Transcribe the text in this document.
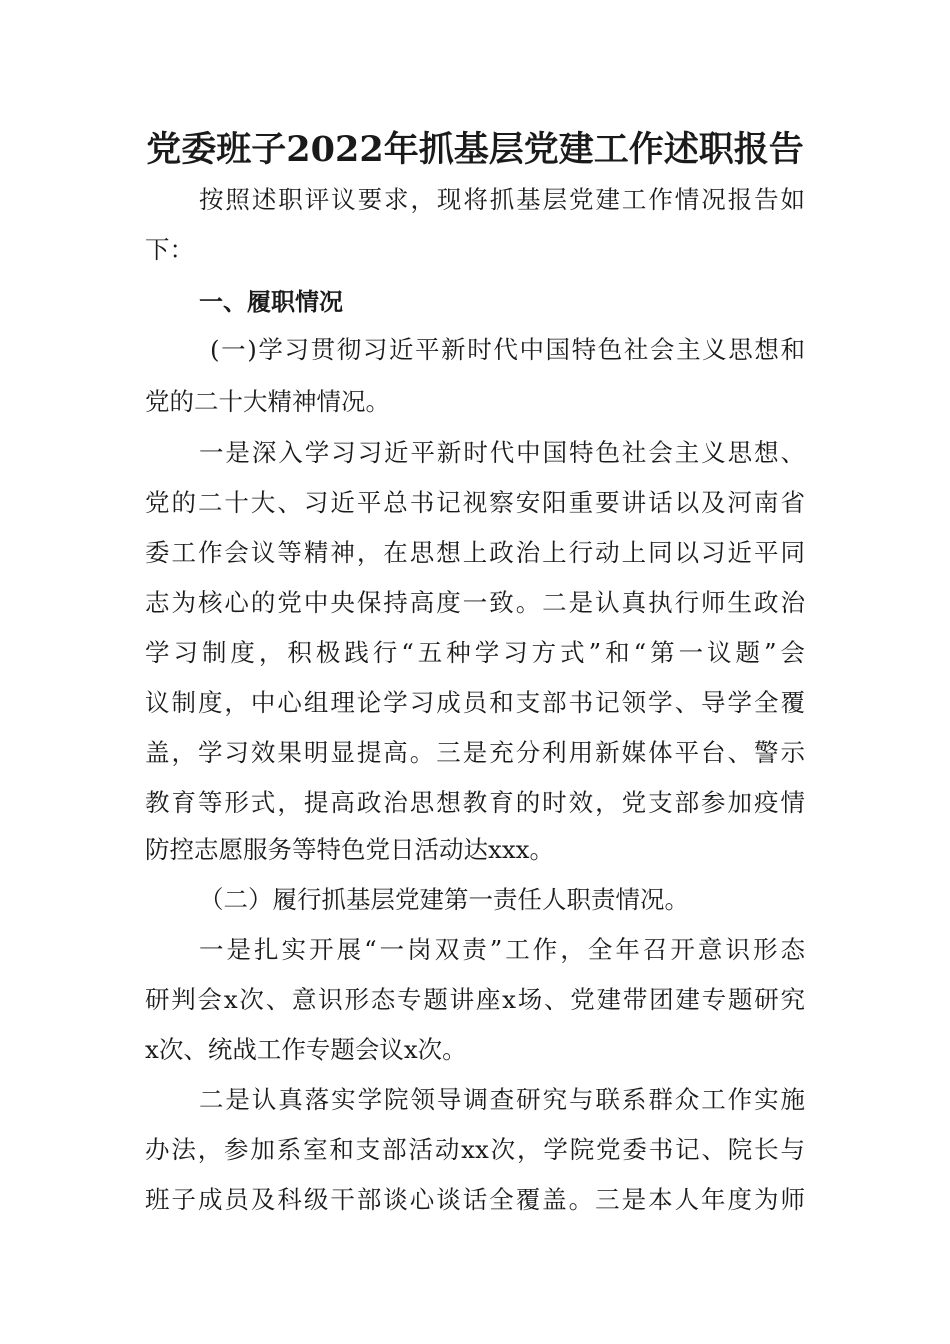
党委班子2022年抓基层党建工作述职报告
按照述职评议要求，现将抓基层党建工作情况报告如
下：
一、履职情况
(一)学习贯彻习近平新时代中国特色社会主义思想和
党的二十大精神情况。
一是深入学习习近平新时代中国特色社会主义思想、
党的二十大、习近平总书记视察安阳重要讲话以及河南省
委工作会议等精神，在思想上政治上行动上同以习近平同
志为核心的党中央保持高度一致。二是认真执行师生政治
学习制度，积极践行“五种学习方式”和“第一议题”会
议制度，中心组理论学习成员和支部书记领学、导学全覆
盖，学习效果明显提高。三是充分利用新媒体平台、警示
教育等形式，提高政治思想教育的时效，党支部参加疫情
防控志愿服务等特色党日活动达xxx。
（二）履行抓基层党建第一责任人职责情况。
一是扎实开展“一岗双责”工作，全年召开意识形态
研判会x次、意识形态专题讲座x场、党建带团建专题研究
x次、统战工作专题会议x次。
二是认真落实学院领导调查研究与联系群众工作实施
办法，参加系室和支部活动xx次，学院党委书记、院长与
班子成员及科级干部谈心谈话全覆盖。三是本人年度为师
